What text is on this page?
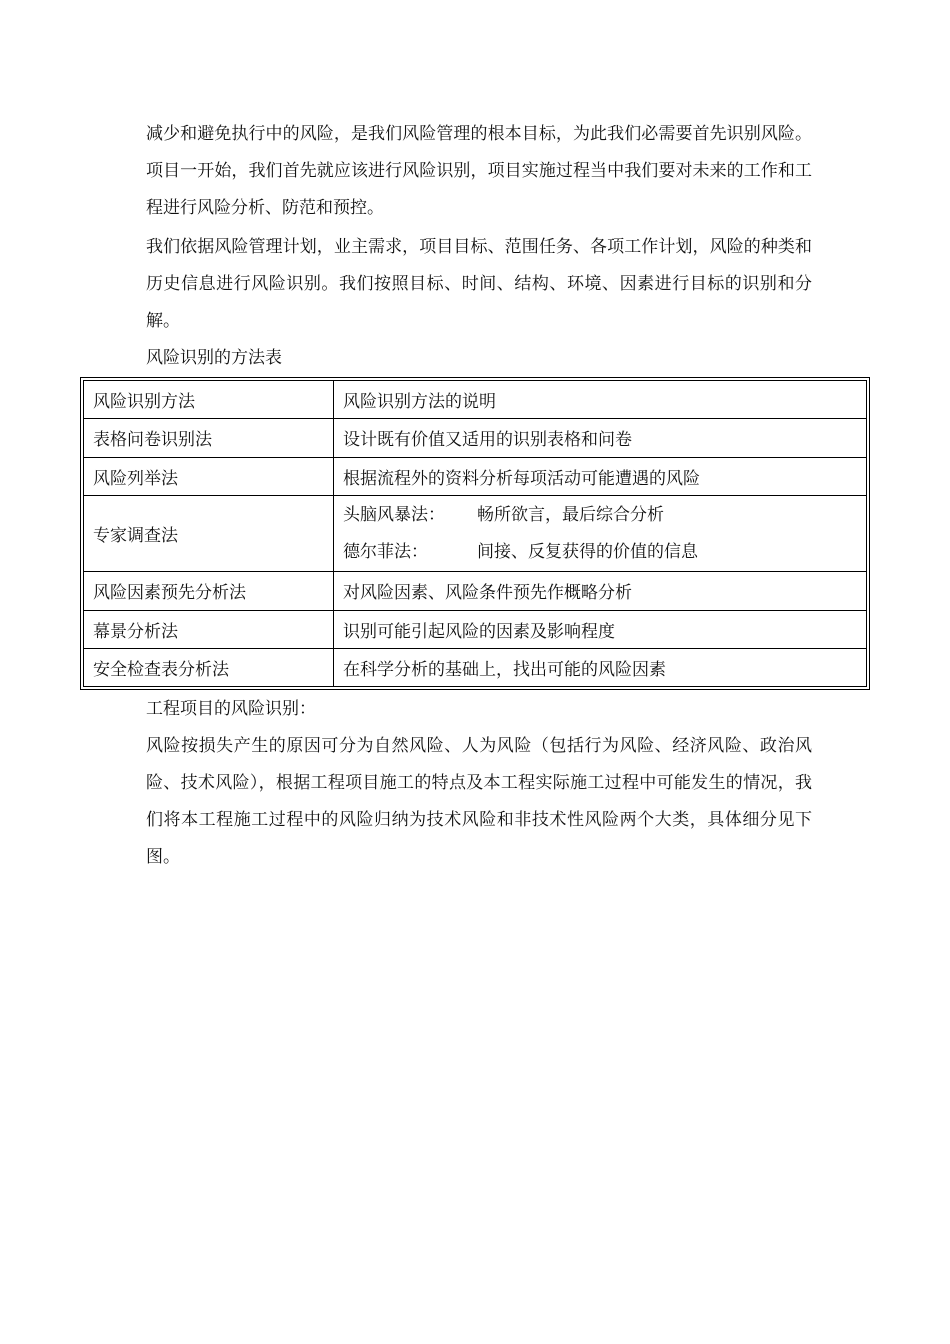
减少和避免执行中的风险，是我们风险管理的根本目标，为此我们必需要首先识别风险。项目一开始，我们首先就应该进行风险识别，项目实施过程当中我们要对未来的工作和工程进行风险分析、防范和预控。

我们依据风险管理计划，业主需求，项目目标、范围任务、各项工作计划，风险的种类和历史信息进行风险识别。我们按照目标、时间、结构、环境、因素进行目标的识别和分解。

风险识别的方法表

风险识别方法	风险识别方法的说明
表格问卷识别法	设计既有价值又适用的识别表格和问卷
风险列举法	根据流程外的资料分析每项活动可能遭遇的风险
专家调查法	头脑风暴法： 畅所欲言，最后综合分析
德尔菲法： 间接、反复获得的价值的信息

风险因素预先分析法	对风险因素、风险条件预先作概略分析
幕景分析法	识别可能引起风险的因素及影响程度
安全检查表分析法	在科学分析的基础上，找出可能的风险因素

工程项目的风险识别：

风险按损失产生的原因可分为自然风险、人为风险（包括行为风险、经济风险、政治风险、技术风险），根据工程项目施工的特点及本工程实际施工过程中可能发生的情况，我们将本工程施工过程中的风险归纳为技术风险和非技术性风险两个大类，具体细分见下图。
